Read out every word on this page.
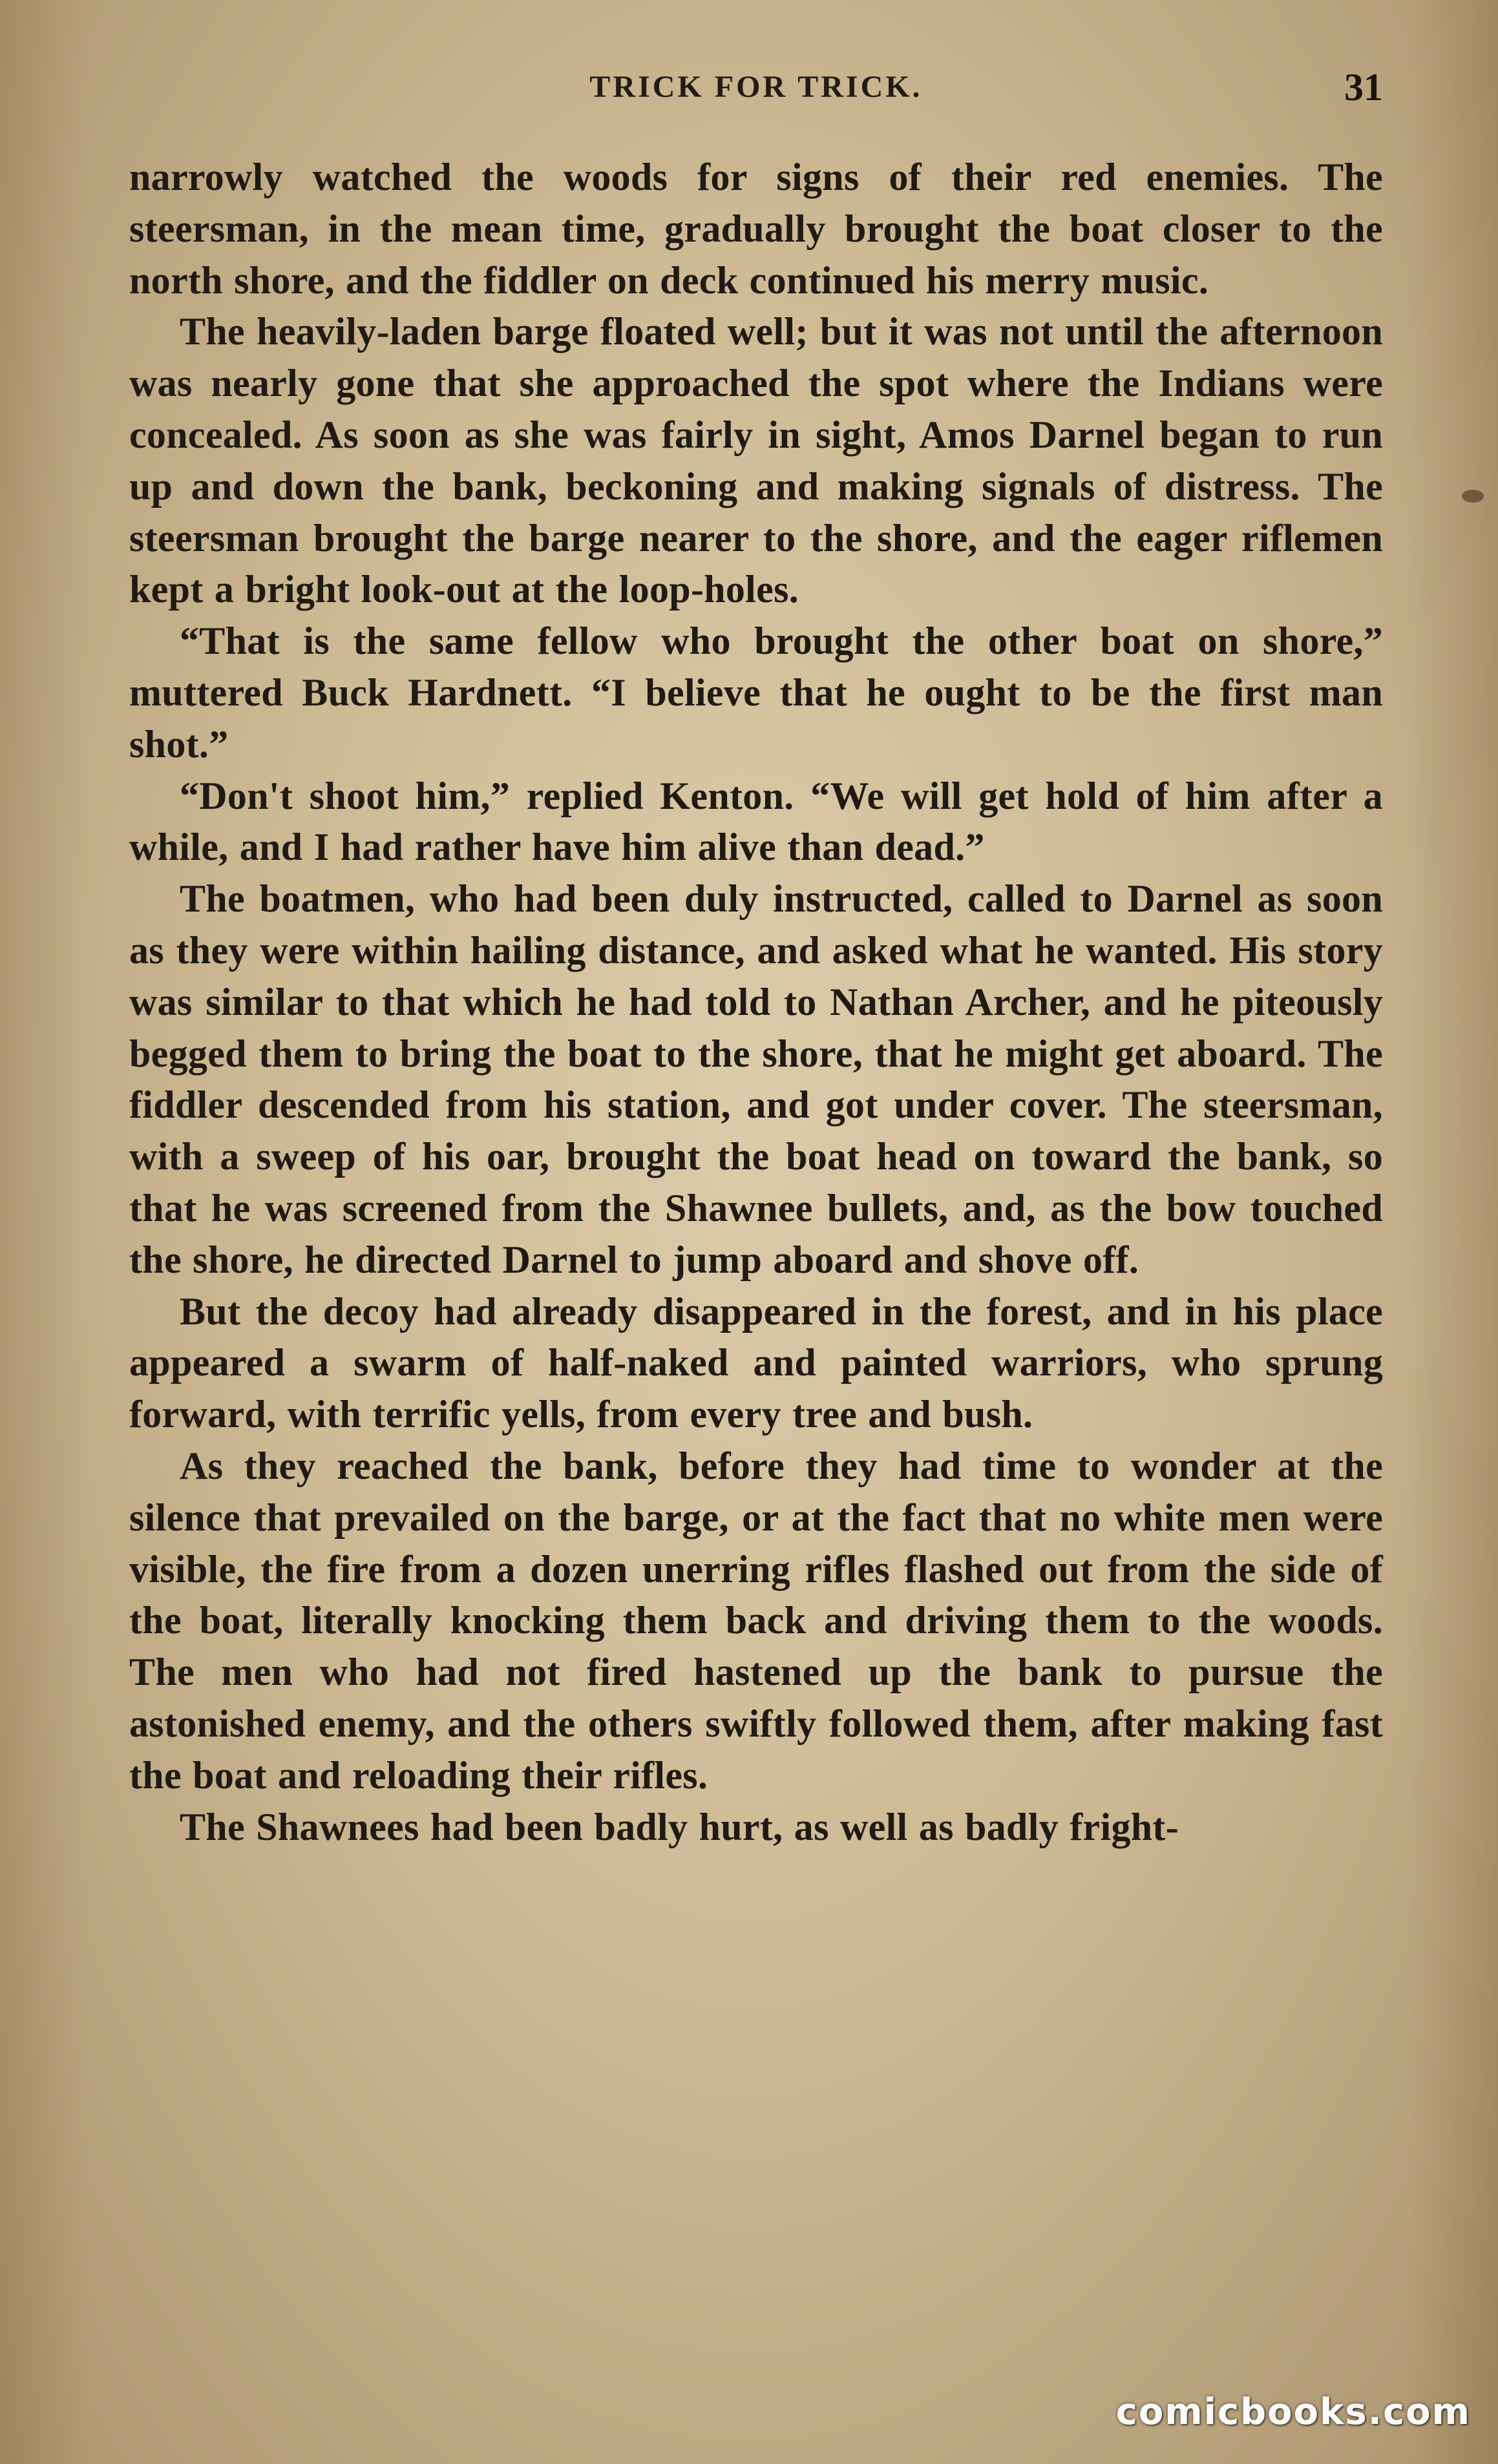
TRICK FOR TRICK.	31

narrowly watched the woods for signs of their red enemies. The steersman, in the mean time, gradually brought the boat closer to the north shore, and the fiddler on deck continued his merry music.

The heavily-laden barge floated well; but it was not until the afternoon was nearly gone that she approached the spot where the Indians were concealed. As soon as she was fairly in sight, Amos Darnel began to run up and down the bank, beckoning and making signals of distress. The steersman brought the barge nearer to the shore, and the eager riflemen kept a bright look-out at the loop-holes.

“That is the same fellow who brought the other boat on shore,” muttered Buck Hardnett. “I believe that he ought to be the first man shot.”

“Don't shoot him,” replied Kenton. “We will get hold of him after a while, and I had rather have him alive than dead.”

The boatmen, who had been duly instructed, called to Darnel as soon as they were within hailing distance, and asked what he wanted. His story was similar to that which he had told to Nathan Archer, and he piteously begged them to bring the boat to the shore, that he might get aboard. The fiddler descended from his station, and got under cover. The steersman, with a sweep of his oar, brought the boat head on toward the bank, so that he was screened from the Shawnee bullets, and, as the bow touched the shore, he directed Darnel to jump aboard and shove off.

But the decoy had already disappeared in the forest, and in his place appeared a swarm of half-naked and painted warriors, who sprung forward, with terrific yells, from every tree and bush.

As they reached the bank, before they had time to wonder at the silence that prevailed on the barge, or at the fact that no white men were visible, the fire from a dozen unerring rifles flashed out from the side of the boat, literally knocking them back and driving them to the woods. The men who had not fired hastened up the bank to pursue the astonished enemy, and the others swiftly followed them, after making fast the boat and reloading their rifles.

The Shawnees had been badly hurt, as well as badly fright-

comicbooks.com
